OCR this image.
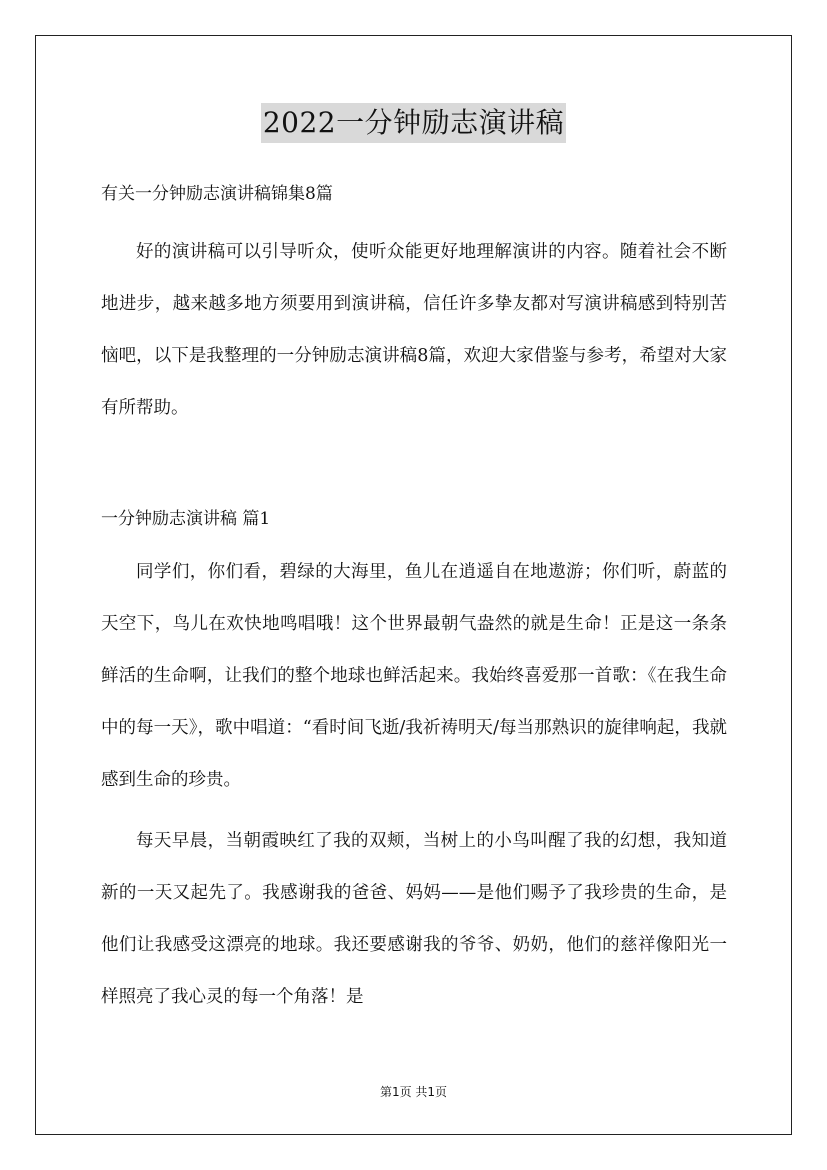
2022一分钟励志演讲稿
有关一分钟励志演讲稿锦集8篇

好的演讲稿可以引导听众，使听众能更好地理解演讲的内容。随着社会不断地进步，越来越多地方须要用到演讲稿，信任许多挚友都对写演讲稿感到特别苦恼吧，以下是我整理的一分钟励志演讲稿8篇，欢迎大家借鉴与参考，希望对大家有所帮助。

一分钟励志演讲稿 篇1

同学们，你们看，碧绿的大海里，鱼儿在逍遥自在地遨游；你们听，蔚蓝的天空下，鸟儿在欢快地鸣唱哦！这个世界最朝气盎然的就是生命！正是这一条条鲜活的生命啊，让我们的整个地球也鲜活起来。我始终喜爱那一首歌：《在我生命中的每一天》，歌中唱道：“看时间飞逝/我祈祷明天/每当那熟识的旋律响起，我就感到生命的珍贵。

每天早晨，当朝霞映红了我的双颊，当树上的小鸟叫醒了我的幻想，我知道新的一天又起先了。我感谢我的爸爸、妈妈——是他们赐予了我珍贵的生命，是他们让我感受这漂亮的地球。我还要感谢我的爷爷、奶奶，他们的慈祥像阳光一样照亮了我心灵的每一个角落！是

第1页 共1页
